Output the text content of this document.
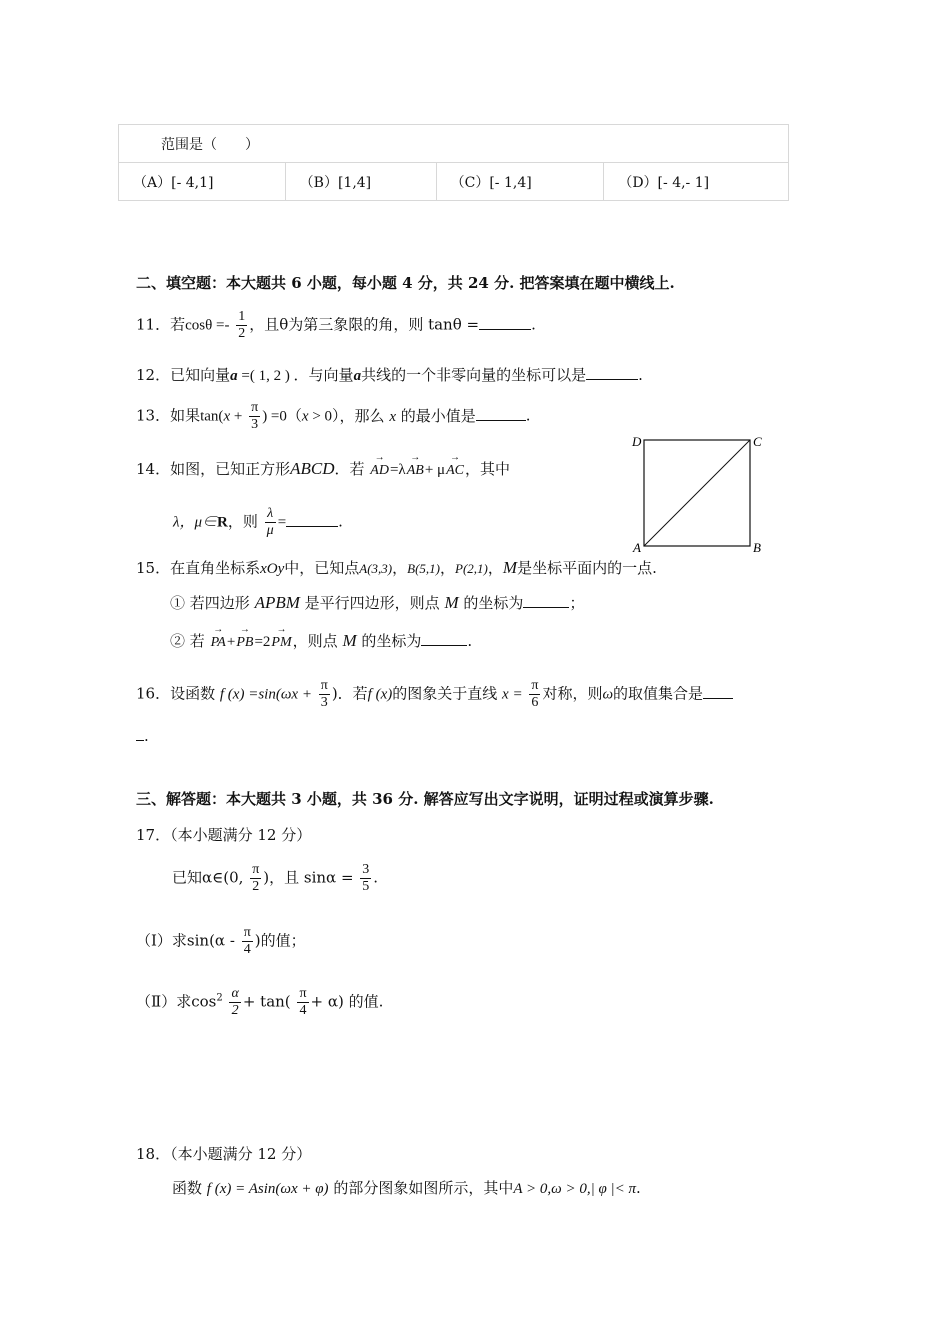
范围是（　　）
（A）[- 4,1]	（B）[1,4]	（C）[- 1,4]	（D）[- 4,- 1]
二、填空题：本大题共 6 小题，每小题 4 分，共 24 分. 把答案填在题中横线上.
11．若$\cos\theta =- \frac{1}{2}$ ，且θ为第三象限的角，则 tanθ =	.
12．已知向量a =( 1, 2 ) ．与向量a共线的一个非零向量的坐标可以是	.
13．如果$\tan(x + \frac{\pi}{3}$ ) =0（x > 0），那么 x 的最小值是	.
14．如图，已知正方形ABCD．若 → AD=λ→ AB+ μ→ AC，其中
λ，μ∈R，则 $\frac{\lambda}{\mu}$ =	.
D	C
A	B
15．在直角坐标系xOy中，已知点A(3,3)，B(5,1)，P(2,1)，M是坐标平面内的一点.
① 若四边形 APBM 是平行四边形，则点 M 的坐标为	；
② 若 → PA+→ PB=2→ PM，则点 M 的坐标为	.
16．设函数 f $(x) =\sin(\omega x + \frac{\pi}{3}$ )．若f (x)的图象关于直线 $x = \frac{\pi}{6}$ 对称，则ω的取值集合是
.
三、解答题：本大题共 3 小题，共 36 分. 解答应写出文字说明，证明过程或演算步骤.
17．（本小题满分 12 分）
已知α∈(0, $\frac{\pi}{2}$ )，且 $\sin\alpha = \frac{3}{5}$ .
（Ⅰ）求$\sin(\alpha - \frac{\pi}{4}$ )的值；
（Ⅱ）求$\cos^2 \frac{\alpha}{2} + \tan( \frac{\pi}{4} + \alpha)$ 的值.
18．（本小题满分 12 分）
函数 f (x) = Asin(ωx + φ) 的部分图象如图所示，其中A > 0,ω > 0,| φ |< π.
